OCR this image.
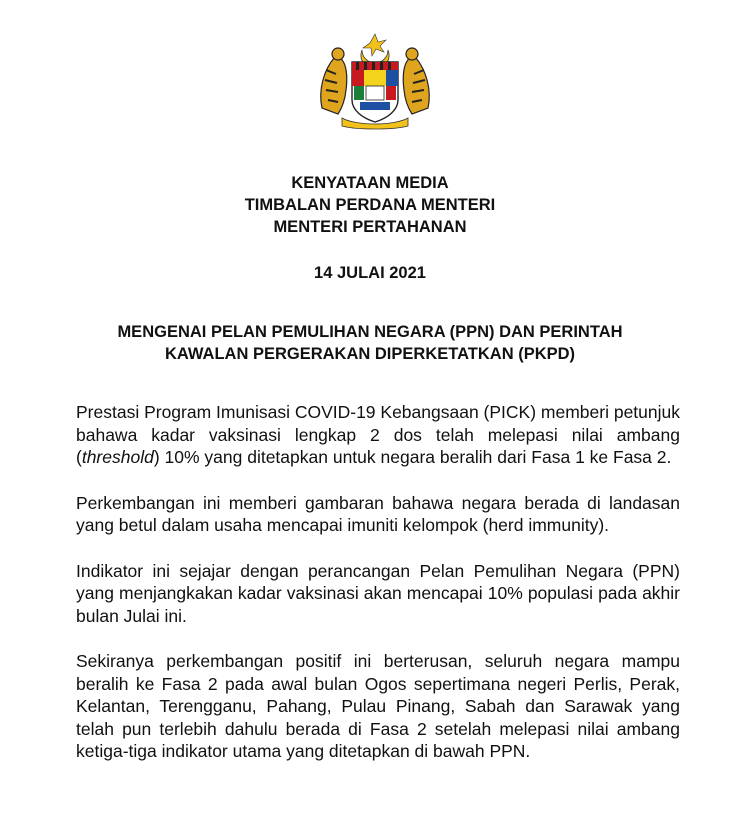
KENYATAAN MEDIA
TIMBALAN PERDANA MENTERI
MENTERI PERTAHANAN
14 JULAI 2021
MENGENAI PELAN PEMULIHAN NEGARA (PPN) DAN PERINTAH
KAWALAN PERGERAKAN DIPERKETATKAN (PKPD)

Prestasi Program Imunisasi COVID-19 Kebangsaan (PICK) memberi petunjuk bahawa kadar vaksinasi lengkap 2 dos telah melepasi nilai ambang (threshold) 10% yang ditetapkan untuk negara beralih dari Fasa 1 ke Fasa 2.

Perkembangan ini memberi gambaran bahawa negara berada di landasan yang betul dalam usaha mencapai imuniti kelompok (herd immunity).

Indikator ini sejajar dengan perancangan Pelan Pemulihan Negara (PPN) yang menjangkakan kadar vaksinasi akan mencapai 10% populasi pada akhir bulan Julai ini.

Sekiranya perkembangan positif ini berterusan, seluruh negara mampu beralih ke Fasa 2 pada awal bulan Ogos sepertimana negeri Perlis, Perak, Kelantan, Terengganu, Pahang, Pulau Pinang, Sabah dan Sarawak yang telah pun terlebih dahulu berada di Fasa 2 setelah melepasi nilai ambang ketiga-tiga indikator utama yang ditetapkan di bawah PPN.
